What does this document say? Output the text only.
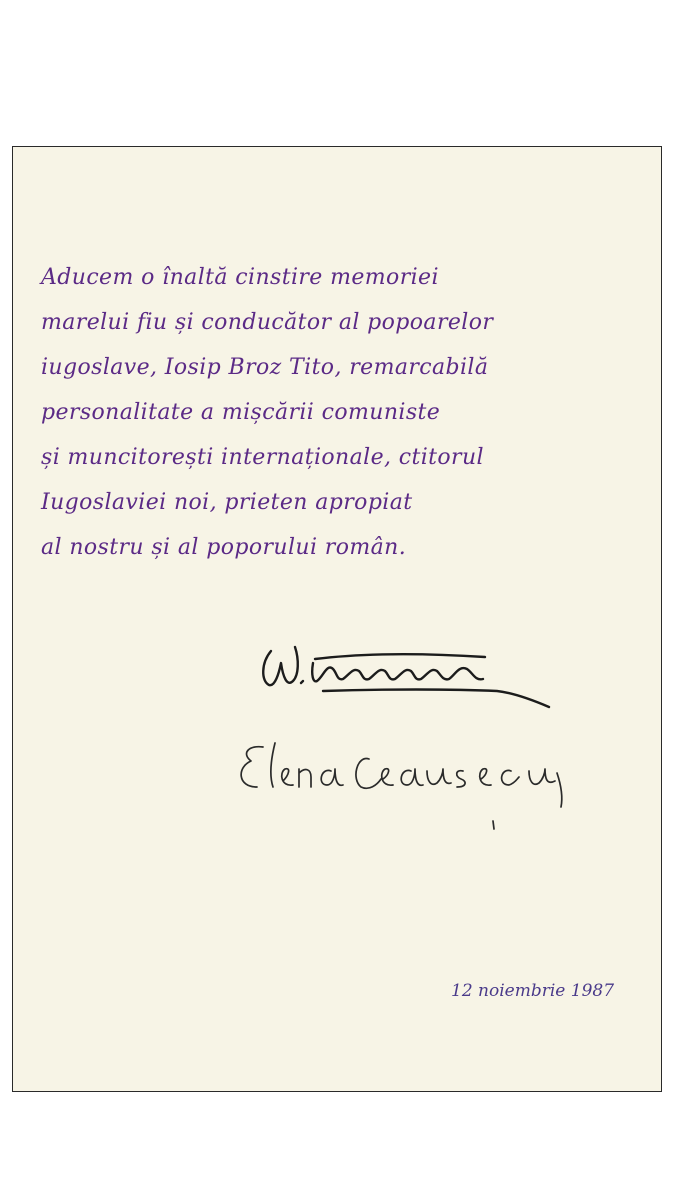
Aducem o înaltă cinstire memoriei
marelui fiu și conducător al popoarelor
iugoslave, Iosip Broz Tito, remarcabilă
personalitate a mișcării comuniste
și muncitorești internaționale, ctitorul
Iugoslaviei noi, prieten apropiat
al nostru și al poporului român.
12 noiembrie 1987
